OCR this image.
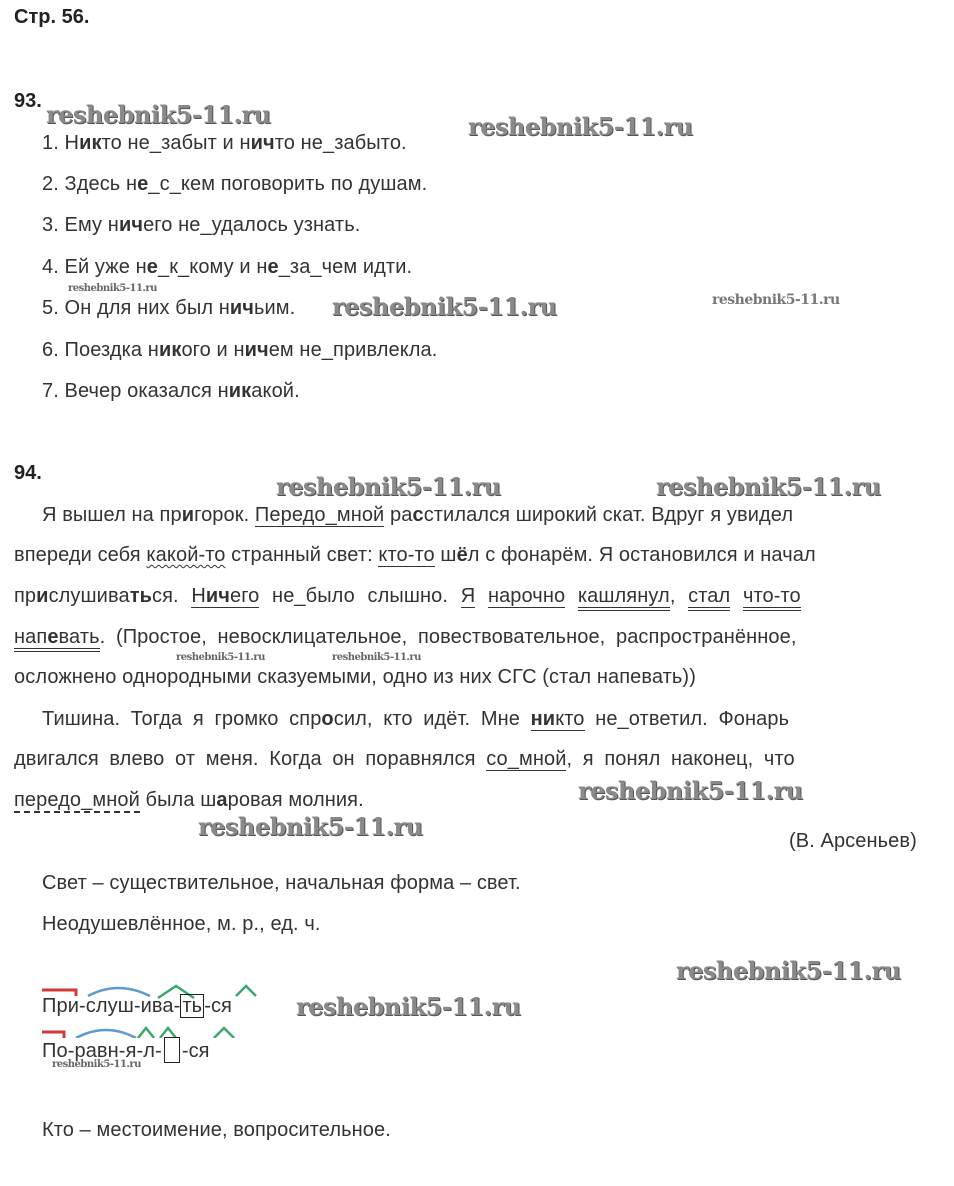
Стр. 56.
93.
1. Никто не_забыт и ничто не_забыто.
2. Здесь не_с_кем поговорить по душам.
3. Ему ничего не_удалось узнать.
4. Ей уже не_к_кому и не_за_чем идти.
5. Он для них был ничьим.
6. Поездка никого и ничем не_привлекла.
7. Вечер оказался никакой.
94.
Я вышел на пригорок. Передо_мной расстилался широкий скат. Вдруг я увидел
впереди себя какой-то странный свет: кто-то шёл с фонарём. Я остановился и начал
прислушиваться. Ничего не_было слышно. Я нарочно кашлянул, стал что-то
напевать. (Простое, невосклицательное, повествовательное, распространённое,
осложнено однородными сказуемыми, одно из них СГС (стал напевать))
Тишина. Тогда я громко спросил, кто идёт. Мне никто не_ответил. Фонарь
двигался влево от меня. Когда он поравнялся со_мной, я понял наконец, что
передо_мной была шаровая молния.
(В. Арсеньев)
Свет – существительное, начальная форма – свет.
Неодушевлённое, м. р., ед. ч.
При-слуш-ива- ть -ся
По-равн-я-л- -ся
Кто – местоимение, вопросительное.
reshebnik5-11.ru	reshebnik5-11.ru
reshebnik5-11.ru
reshebnik5-11.ru	reshebnik5-11.ru
reshebnik5-11.ru	reshebnik5-11.ru
reshebnik5-11.ru	reshebnik5-11.ru
reshebnik5-11.ru
reshebnik5-11.ru
reshebnik5-11.ru
reshebnik5-11.ru
reshebnik5-11.ru
